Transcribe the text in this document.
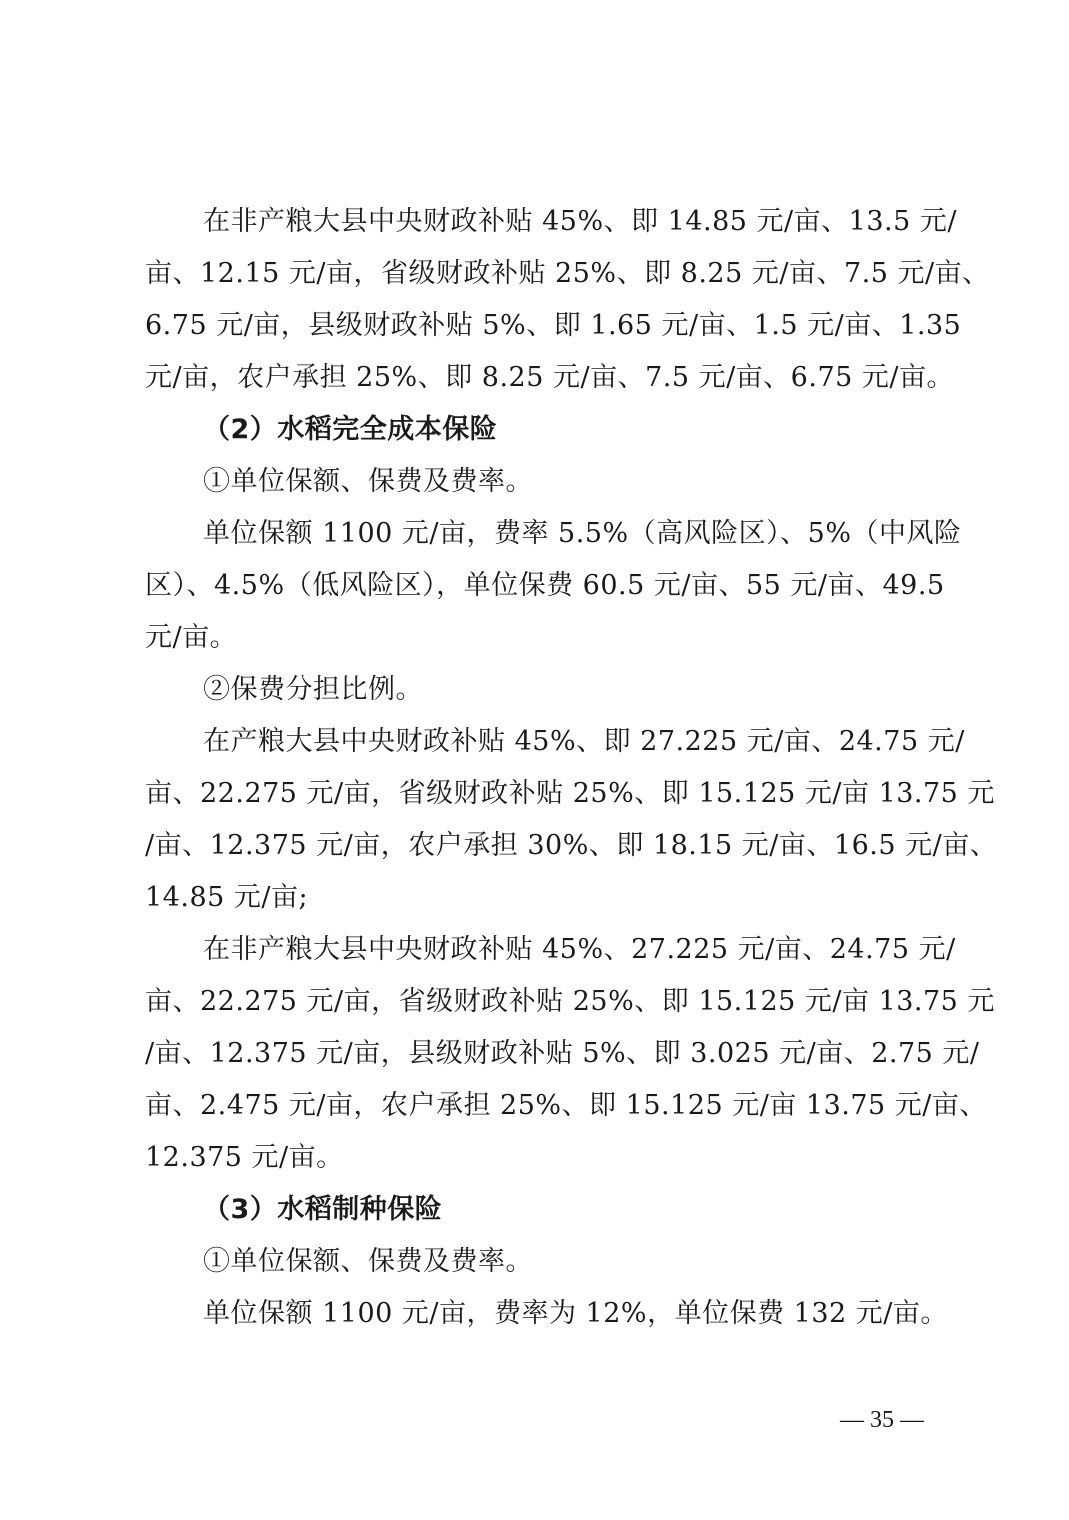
在非产粮大县中央财政补贴 45%、即 14.85 元/亩、13.5 元/
亩、12.15 元/亩，省级财政补贴 25%、即 8.25 元/亩、7.5 元/亩、
6.75 元/亩，县级财政补贴 5%、即 1.65 元/亩、1.5 元/亩、1.35
元/亩，农户承担 25%、即 8.25 元/亩、7.5 元/亩、6.75 元/亩。
（2）水稻完全成本保险
①单位保额、保费及费率。
单位保额 1100 元/亩，费率 5.5%（高风险区）、5%（中风险
区）、4.5%（低风险区），单位保费 60.5 元/亩、55 元/亩、49.5
元/亩。
②保费分担比例。
在产粮大县中央财政补贴 45%、即 27.225 元/亩、24.75 元/
亩、22.275 元/亩，省级财政补贴 25%、即 15.125 元/亩 13.75 元
/亩、12.375 元/亩，农户承担 30%、即 18.15 元/亩、16.5 元/亩、
14.85 元/亩;
在非产粮大县中央财政补贴 45%、27.225 元/亩、24.75 元/
亩、22.275 元/亩，省级财政补贴 25%、即 15.125 元/亩 13.75 元
/亩、12.375 元/亩，县级财政补贴 5%、即 3.025 元/亩、2.75 元/
亩、2.475 元/亩，农户承担 25%、即 15.125 元/亩 13.75 元/亩、
12.375 元/亩。
（3）水稻制种保险
①单位保额、保费及费率。
单位保额 1100 元/亩，费率为 12%，单位保费 132 元/亩。
— 35 —
